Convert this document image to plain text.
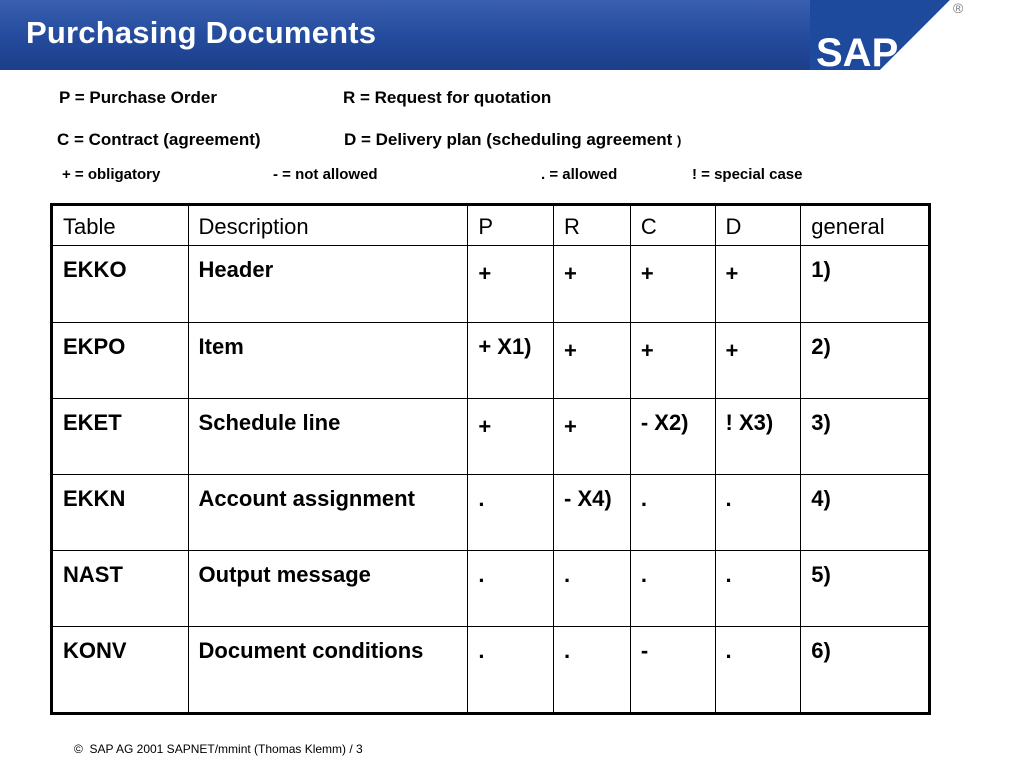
Purchasing Documents	SAP
®
P = Purchase Order	R = Request for quotation
C = Contract (agreement)	D = Delivery plan (scheduling agreement )
+ = obligatory	- = not allowed	. = allowed	! = special case
Table	Description	P	R	C	D	general
EKKO	Header	+	+	+	+	1)
EKPO	Item	+ X1)	+	+	+	2)
EKET	Schedule line	+	+	- X2)	! X3)	3)
EKKN	Account assignment	.	- X4)	.	.	4)
NAST	Output message	.	.	.	.	5)
KONV	Document conditions	.	.	-	.	6)
© SAP AG 2001 SAPNET/mmint (Thomas Klemm) / 3
